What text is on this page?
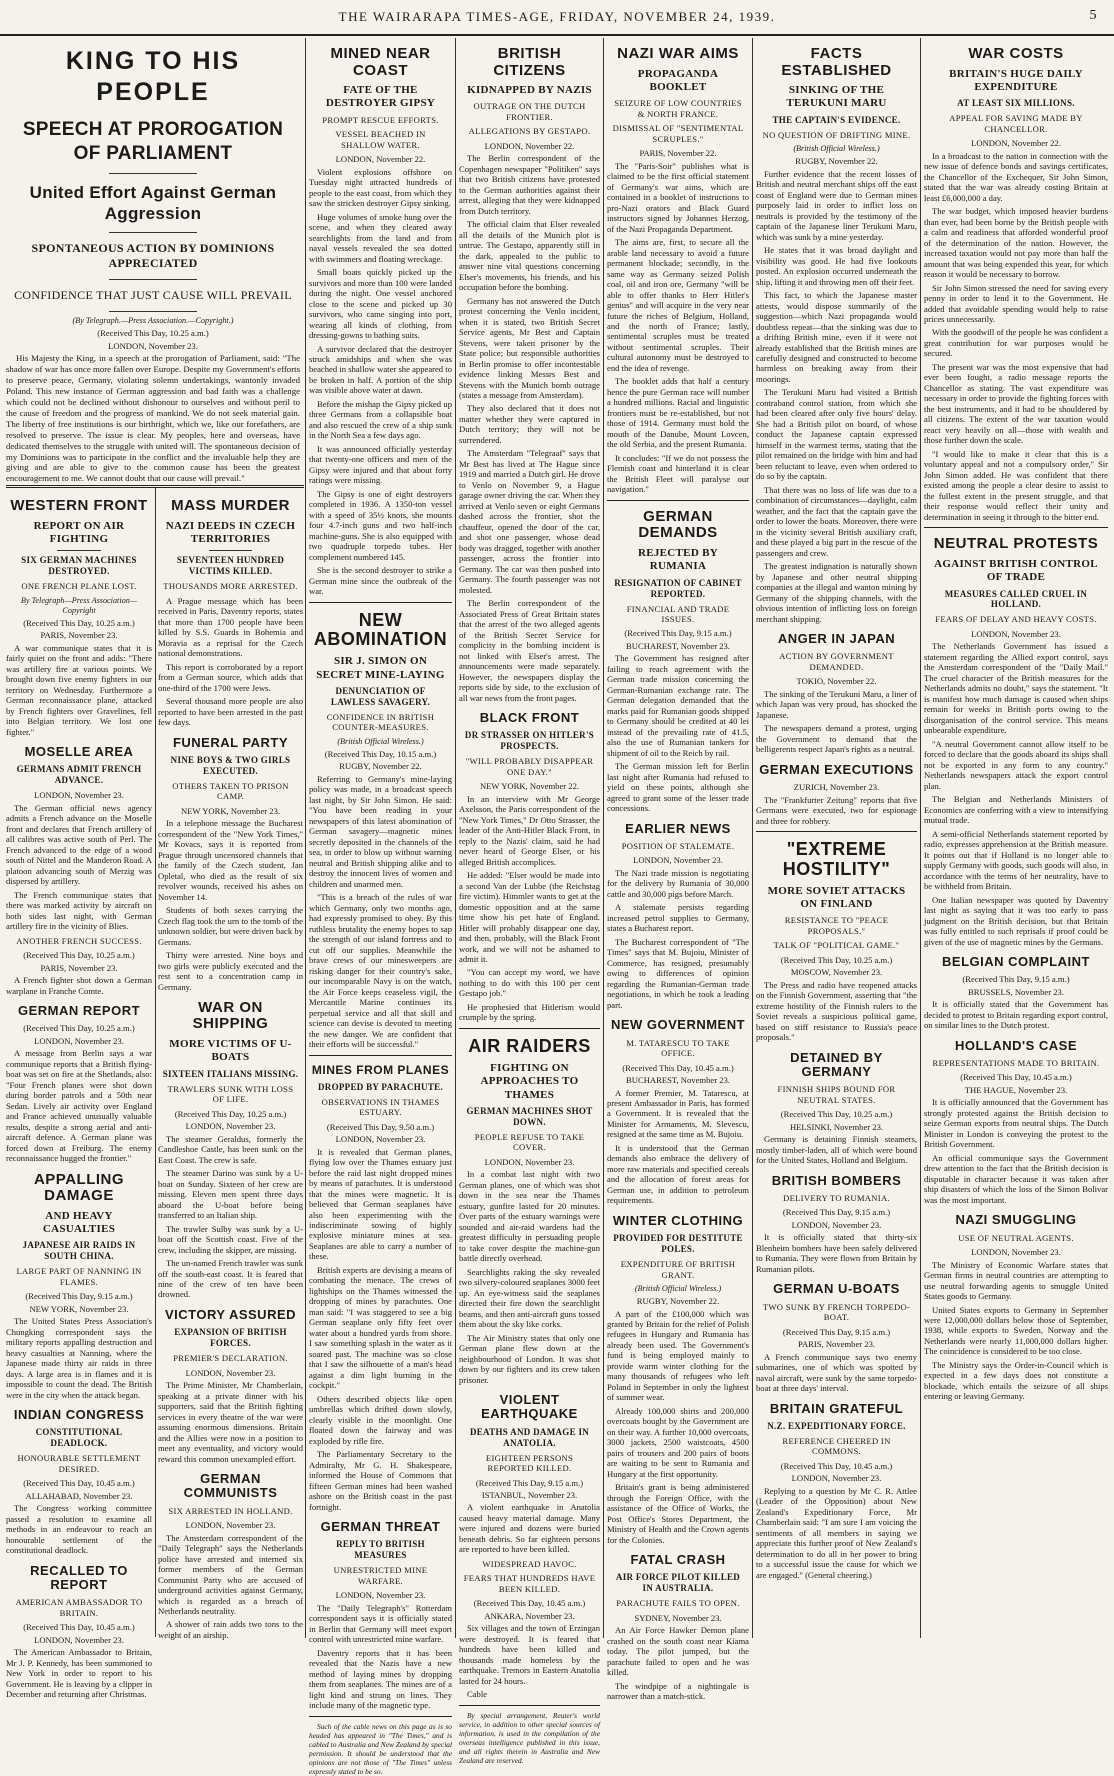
THE WAIRARAPA TIMES-AGE, FRIDAY, NOVEMBER 24, 1939.	5
KING TO HIS PEOPLE
SPEECH AT PROROGATION OF PARLIAMENT
United Effort Against German Aggression
SPONTANEOUS ACTION BY DOMINIONS APPRECIATED
CONFIDENCE THAT JUST CAUSE WILL PREVAIL
(By Telegraph.—Press Association.—Copyright.)
(Received This Day, 10.25 a.m.)
LONDON, November 23.

His Majesty the King, in a speech at the prorogation of Parliament, said: "The shadow of war has once more fallen over Europe. Despite my Government's efforts to preserve peace, Germany, violating solemn undertakings, wantonly invaded Poland. This new instance of German aggression and bad faith was a challenge which could not be declined without dishonour to ourselves and without peril to the cause of freedom and the progress of mankind. We do not seek material gain. The liberty of free institutions is our birthright, which we, like our forefathers, are resolved to preserve. The issue is clear. My peoples, here and overseas, have dedicated themselves to the struggle with united will. The spontaneous decision of my Dominions was to participate in the conflict and the invaluable help they are giving and are able to give to the common cause has been the greatest encouragement to me. We cannot doubt that our cause will prevail."

WESTERN FRONT
REPORT ON AIR FIGHTING
SIX GERMAN MACHINES DESTROYED.
ONE FRENCH PLANE LOST.
By Telegraph—Press Association—Copyright
(Received This Day, 10.25 a.m.)
PARIS, November 23.

A war communique states that it is fairly quiet on the front and adds: "There was artillery fire at various points. We brought down five enemy fighters in our territory on Wednesday. Furthermore a German reconnaissance plane, attacked by French fighters over Gravelines, fell into Belgian territory. We lost one fighter."

MOSELLE AREA
GERMANS ADMIT FRENCH ADVANCE.
LONDON, November 23.

The German official news agency admits a French advance on the Moselle front and declares that French artillery of all calibres was active south of Perl. The French advanced to the edge of a wood south of Nittel and the Manderon Road. A platoon advancing south of Merzig was dispersed by artillery.

The French communique states that there was marked activity by aircraft on both sides last night, with German artillery fire in the vicinity of Blies.

ANOTHER FRENCH SUCCESS.
(Received This Day, 10.25 a.m.)
PARIS, November 23.

A French fighter shot down a German warplane in Franche Comte.

GERMAN REPORT
(Received This Day, 10.25 a.m.)
LONDON, November 23.

A message from Berlin says a war communique reports that a British flying-boat was set on fire at the Shetlands, also: "Four French planes were shot down during border patrols and a 50th near Sedan. Lively air activity over England and France achieved unusually valuable results, despite a strong aerial and anti-aircraft defence. A German plane was forced down at Freiburg. The enemy reconnaissance hugged the frontier."

APPALLING DAMAGE
AND HEAVY CASUALTIES
JAPANESE AIR RAIDS IN SOUTH CHINA.
LARGE PART OF NANNING IN FLAMES.
(Received This Day, 9.15 a.m.)
NEW YORK, November 23.

The United States Press Association's Chungking correspondent says the military reports appalling destruction and heavy casualties at Nanning, where the Japanese made thirty air raids in three days. A large area is in flames and it is impossible to count the dead. The British were in the city when the attack began.

INDIAN CONGRESS
CONSTITUTIONAL DEADLOCK.
HONOURABLE SETTLEMENT DESIRED.
(Received This Day, 10.45 a.m.)
ALLAHABAD, November 23.

The Congress working committee passed a resolution to examine all methods in an endeavour to reach an honourable settlement of the constitutional deadlock.

RECALLED TO REPORT
AMERICAN AMBASSADOR TO BRITAIN.
(Received This Day, 10.45 a.m.)
LONDON, November 23.

The American Ambassador to Britain, Mr J. P. Kennedy, has been summoned to New York in order to report to his Government. He is leaving by a clipper in December and returning after Christmas.

MASS MURDER
NAZI DEEDS IN CZECH TERRITORIES
SEVENTEEN HUNDRED VICTIMS KILLED.
THOUSANDS MORE ARRESTED.

A Prague message which has been received in Paris, Daventry reports, states that more than 1700 people have been killed by S.S. Guards in Bohemia and Moravia as a reprisal for the Czech national demonstrations.

This report is corroborated by a report from a German source, which adds that one-third of the 1700 were Jews.

Several thousand more people are also reported to have been arrested in the past few days.

FUNERAL PARTY
NINE BOYS & TWO GIRLS EXECUTED.
OTHERS TAKEN TO PRISON CAMP.
NEW YORK, November 23.

In a telephone message the Bucharest correspondent of the "New York Times," Mr Kovacs, says it is reported from Prague through uncensored channels that the family of the Czech student, Jan Opletal, who died as the result of six revolver wounds, received his ashes on November 14.

Students of both sexes carrying the Czech flag took the urn to the tomb of the unknown soldier, but were driven back by Germans.

Thirty were arrested. Nine boys and two girls were publicly executed and the rest sent to a concentration camp in Germany.

WAR ON SHIPPING
MORE VICTIMS OF U-BOATS
SIXTEEN ITALIANS MISSING.
TRAWLERS SUNK WITH LOSS OF LIFE.
(Received This Day, 10.25 a.m.)
LONDON, November 23.

The steamer Geraldus, formerly the Candleshoe Castle, has been sunk on the East Coast. The crew is safe.

The steamer Darino was sunk by a U-boat on Sunday. Sixteen of her crew are missing. Eleven men spent three days aboard the U-boat before being transferred to an Italian ship.

The trawler Sulby was sunk by a U-boat off the Scottish coast. Five of the crew, including the skipper, are missing.

The un-named French trawler was sunk off the south-east coast. It is feared that nine of the crew of ten have been drowned.

VICTORY ASSURED
EXPANSION OF BRITISH FORCES.
PREMIER'S DECLARATION.
LONDON, November 23.

The Prime Minister, Mr Chamberlain, speaking at a private dinner with his supporters, said that the British fighting services in every theatre of the war were assuming enormous dimensions. Britain and the Allies were now in a position to meet any eventuality, and victory would reward this common unexampled effort.

GERMAN COMMUNISTS
SIX ARRESTED IN HOLLAND.
LONDON, November 23.

The Amsterdam correspondent of the "Daily Telegraph" says the Netherlands police have arrested and interned six former members of the German Communist Party who are accused of underground activities against Germany, which is regarded as a breach of Netherlands neutrality.

A shower of rain adds two tons to the weight of an airship.

MINED NEAR COAST
FATE OF THE DESTROYER GIPSY
PROMPT RESCUE EFFORTS.
VESSEL BEACHED IN SHALLOW WATER.
LONDON, November 22.

Violent explosions offshore on Tuesday night attracted hundreds of people to the east coast, from which they saw the stricken destroyer Gipsy sinking.

Huge volumes of smoke hung over the scene, and when they cleared away searchlights from the land and from naval vessels revealed the sea dotted with swimmers and floating wreckage.

Small boats quickly picked up the survivors and more than 100 were landed during the night. One vessel anchored close to the scene and picked up 30 survivors, who came singing into port, wearing all kinds of clothing, from dressing-gowns to bathing suits.

A survivor declared that the destroyer struck amidships and when she was beached in shallow water she appeared to be broken in half. A portion of the ship was visible above water at dawn.

Before the mishap the Gipsy picked up three Germans from a collapsible boat and also rescued the crew of a ship sunk in the North Sea a few days ago.

It was announced officially yesterday that twenty-one officers and men of the Gipsy were injured and that about forty ratings were missing.

The Gipsy is one of eight destroyers completed in 1936. A 1350-ton vessel with a speed of 35½ knots, she mounts four 4.7-inch guns and two half-inch machine-guns. She is also equipped with two quadruple torpedo tubes. Her complement numbered 145.

She is the second destroyer to strike a German mine since the outbreak of the war.

NEW ABOMINATION
SIR J. SIMON ON SECRET MINE-LAYING
DENUNCIATION OF LAWLESS SAVAGERY.
CONFIDENCE IN BRITISH COUNTER-MEASURES.
(British Official Wireless.)
(Received This Day, 10.15 a.m.)
RUGBY, November 22.

Referring to Germany's mine-laying policy was made, in a broadcast speech last night, by Sir John Simon. He said: "You have been reading in your newspapers of this latest abomination of German savagery—magnetic mines secretly deposited in the channels of the sea, in order to blow up without warning neutral and British shipping alike and to destroy the innocent lives of women and children and unarmed men.

"This is a breach of the rules of war which Germany, only two months ago, had expressly promised to obey. By this ruthless brutality the enemy hopes to sap the strength of our island fortress and to cut off our supplies. Meanwhile the brave crews of our minesweepers are risking danger for their country's sake, our incomparable Navy is on the watch, the Air Force keeps ceaseless vigil, the Mercantile Marine continues its perpetual service and all that skill and science can devise is devoted to meeting the new danger. We are confident that their efforts will be successful."

MINES FROM PLANES
DROPPED BY PARACHUTE.
OBSERVATIONS IN THAMES ESTUARY.
(Received This Day, 9.50 a.m.)
LONDON, November 23.

It is revealed that German planes, flying low over the Thames estuary just before the raid last night dropped mines by means of parachutes. It is understood that the mines were magnetic. It is believed that German seaplanes have also been experimenting with the indiscriminate sowing of highly explosive miniature mines at sea. Seaplanes are able to carry a number of these.

British experts are devising a means of combating the menace. The crews of lightships on the Thames witnessed the dropping of mines by parachutes. One man said: "I was staggered to see a big German seaplane only fifty feet over water about a hundred yards from shore. I saw something splash in the water as it soared past. The machine was so close that I saw the silhouette of a man's head against a dim light burning in the cockpit."

Others described objects like open umbrellas which drifted down slowly, clearly visible in the moonlight. One floated down the fairway and was exploded by rifle fire.

The Parliamentary Secretary to the Admiralty, Mr G. H. Shakespeare, informed the House of Commons that fifteen German mines had been washed ashore on the British coast in the past fortnight.

GERMAN THREAT
REPLY TO BRITISH MEASURES
UNRESTRICTED MINE WARFARE.
LONDON, November 23.

The "Daily Telegraph's" Rotterdam correspondent says it is officially stated in Berlin that Germany will meet export control with unrestricted mine warfare.

Daventry reports that it has been revealed that the Nazis have a new method of laying mines by dropping them from seaplanes. The mines are of a light kind and strung on lines. They include many of the magnetic type.

Such of the cable news on this page as is so headed has appeared in "The Times," and is cabled to Australia and New Zealand by special permission. It should be understood that the opinions are not those of "The Times" unless expressly stated to be so.

BRITISH CITIZENS
KIDNAPPED BY NAZIS
OUTRAGE ON THE DUTCH FRONTIER.
ALLEGATIONS BY GESTAPO.
LONDON, November 22.

The Berlin correspondent of the Copenhagen newspaper "Politiken" says that two British citizens have protested to the German authorities against their arrest, alleging that they were kidnapped from Dutch territory.

The official claim that Elser revealed all the details of the Munich plot is untrue. The Gestapo, apparently still in the dark, appealed to the public to answer nine vital questions concerning Elser's movements, his friends, and his occupation before the bombing.

Germany has not answered the Dutch protest concerning the Venlo incident, when it is stated, two British Secret Service agents, Mr Best and Captain Stevens, were taken prisoner by the State police; but responsible authorities in Berlin promise to offer incontestable evidence linking Messrs Best and Stevens with the Munich bomb outrage (states a message from Amsterdam).

They also declared that it does not matter whether they were captured in Dutch territory; they will not be surrendered.

The Amsterdam "Telegraaf" says that Mr Best has lived at The Hague since 1919 and married a Dutch girl. He drove to Venlo on November 9, a Hague garage owner driving the car. When they arrived at Venlo seven or eight Germans dashed across the frontier, shot the chauffeur, opened the door of the car, and shot one passenger, whose dead body was dragged, together with another passenger, across the frontier into Germany. The car was then pushed into Germany. The fourth passenger was not molested.

The Berlin correspondent of the Associated Press of Great Britain states that the arrest of the two alleged agents of the British Secret Service for complicity in the bombing incident is not linked with Elser's arrest. The announcements were made separately. However, the newspapers display the reports side by side, to the exclusion of all war news from the front pages.

BLACK FRONT
DR STRASSER ON HITLER'S PROSPECTS.
"WILL PROBABLY DISAPPEAR ONE DAY."
NEW YORK, November 22.

In an interview with Mr George Axelsson, the Paris correspondent of the "New York Times," Dr Otto Strasser, the leader of the Anti-Hitler Black Front, in reply to the Nazis' claim, said he had never heard of George Elser, or his alleged British accomplices.

He added: "Elser would be made into a second Van der Lubbe (the Reichstag fire victim). Himmler wants to get at the domestic opposition and at the same time show his pet hate of England. Hitler will probably disappear one day, and then, probably, will the Black Front work, and we will not be ashamed to admit it.

"You can accept my word, we have nothing to do with this 100 per cent Gestapo job."

He prophesied that Hitlerism would crumple by the spring.

AIR RAIDERS
FIGHTING ON APPROACHES TO THAMES
GERMAN MACHINES SHOT DOWN.
PEOPLE REFUSE TO TAKE COVER.
LONDON, November 23.

In a combat last night with two German planes, one of which was shot down in the sea near the Thames estuary, gunfire lasted for 20 minutes. Over parts of the estuary warnings were sounded and air-raid wardens had the greatest difficulty in persuading people to take cover despite the machine-gun battle directly overhead.

Searchlights raking the sky revealed two silvery-coloured seaplanes 3000 feet up. An eye-witness said the seaplanes directed their fire down the searchlight beams, and then anti-aircraft guns tossed them about the sky like corks.

The Air Ministry states that only one German plane flew down at the neighbourhood of London. It was shot down by our fighters and its crew taken prisoner.

VIOLENT EARTHQUAKE
DEATHS AND DAMAGE IN ANATOLIA.
EIGHTEEN PERSONS REPORTED KILLED.
(Received This Day, 9.15 a.m.)
ISTANBUL, November 23.

A violent earthquake in Anatolia caused heavy material damage. Many were injured and dozens were buried beneath debris. So far eighteen persons are reported to have been killed.

WIDESPREAD HAVOC.
FEARS THAT HUNDREDS HAVE BEEN KILLED.
(Received This Day, 10.45 a.m.)
ANKARA, November 23.

Six villages and the town of Erzingan were destroyed. It is feared that hundreds have been killed and thousands made homeless by the earthquake. Tremors in Eastern Anatolia lasted for 24 hours.

Cable

By special arrangement, Reuter's world service, in addition to other special sources of information, is used in the compilation of the overseas intelligence published in this issue, and all rights therein in Australia and New Zealand are reserved.

NAZI WAR AIMS
PROPAGANDA BOOKLET
SEIZURE OF LOW COUNTRIES & NORTH FRANCE.
DISMISSAL OF "SENTIMENTAL SCRUPLES."
PARIS, November 22.

The "Paris-Soir" publishes what is claimed to be the first official statement of Germany's war aims, which are contained in a booklet of instructions to pro-Nazi orators and Black Guard instructors signed by Johannes Herzog, of the Nazi Propaganda Department.

The aims are, first, to secure all the arable land necessary to avoid a future permanent blockade; secondly, in the same way as Germany seized Polish coal, oil and iron ore, Germany "will be able to offer thanks to Herr Hitler's genius" and will acquire in the very near future the riches of Belgium, Holland, and the north of France; lastly, sentimental scruples must be treated without sentimental scruples. Their cultural autonomy must be destroyed to end the idea of revenge.

The booklet adds that half a century hence the pure German race will number a hundred millions. Racial and linguistic frontiers must be re-established, but not those of 1914. Germany must hold the mouth of the Danube, Mount Lovcen, the old Serbia, and the present Rumania.

It concludes: "If we do not possess the Flemish coast and hinterland it is clear the British Fleet will paralyse our navigation."

GERMAN DEMANDS
REJECTED BY RUMANIA
RESIGNATION OF CABINET REPORTED.
FINANCIAL AND TRADE ISSUES.
(Received This Day, 9.15 a.m.)
BUCHAREST, November 23.

The Government has resigned after failing to reach agreement with the German trade mission concerning the German-Rumanian exchange rate. The German delegation demanded that the marks paid for Rumanian goods shipped to Germany should be credited at 40 lei instead of the prevailing rate of 41.5, also the use of Rumanian tankers for shipment of oil to the Reich by rail.

The German mission left for Berlin last night after Rumania had refused to yield on these points, although she agreed to grant some of the lesser trade concessions.

EARLIER NEWS
POSITION OF STALEMATE.
LONDON, November 23.

The Nazi trade mission is negotiating for the delivery by Rumania of 30,000 cattle and 30,000 pigs before March.

A stalemate persists regarding increased petrol supplies to Germany, states a Bucharest report.

The Bucharest correspondent of "The Times" says that M. Bujoiu, Minister of Commerce, has resigned, presumably owing to differences of opinion regarding the Rumanian-German trade negotiations, in which he took a leading part.

NEW GOVERNMENT
M. TATARESCU TO TAKE OFFICE.
(Received This Day, 10.45 a.m.)
BUCHAREST, November 23.

A former Premier, M. Tatarescu, at present Ambassador in Paris, has formed a Government. It is revealed that the Minister for Armaments, M. Slevescu, resigned at the same time as M. Bujoiu.

It is understood that the German demands also embrace the delivery of more raw materials and specified cereals and the allocation of forest areas for German use, in addition to petroleum requirements.

WINTER CLOTHING
PROVIDED FOR DESTITUTE POLES.
EXPENDITURE OF BRITISH GRANT.
(British Official Wireless.)
RUGBY, November 22.

A part of the £100,000 which was granted by Britain for the relief of Polish refugees in Hungary and Rumania has already been used. The Government's fund is being employed mainly to provide warm winter clothing for the many thousands of refugees who left Poland in September in only the lightest of summer wear.

Already 100,000 shirts and 200,000 overcoats bought by the Government are on their way. A further 10,000 overcoats, 3000 jackets, 2500 waistcoats, 4500 pairs of trousers and 200 pairs of boots are waiting to be sent to Rumania and Hungary at the first opportunity.

Britain's grant is being administered through the Foreign Office, with the assistance of the Office of Works, the Post Office's Stores Department, the Ministry of Health and the Crown agents for the Colonies.

FATAL CRASH
AIR FORCE PILOT KILLED IN AUSTRALIA.
PARACHUTE FAILS TO OPEN.
SYDNEY, November 23.

An Air Force Hawker Demon plane crashed on the south coast near Kiama today. The pilot jumped, but the parachute failed to open and he was killed.

The windpipe of a nightingale is narrower than a match-stick.

FACTS ESTABLISHED
SINKING OF THE TERUKUNI MARU
THE CAPTAIN'S EVIDENCE.
NO QUESTION OF DRIFTING MINE.
(British Official Wireless.)
RUGBY, November 22.

Further evidence that the recent losses of British and neutral merchant ships off the east coast of England were due to German mines purposely laid in order to inflict loss on neutrals is provided by the testimony of the captain of the Japanese liner Terukuni Maru, which was sunk by a mine yesterday.

He states that it was broad daylight and visibility was good. He had five lookouts posted. An explosion occurred underneath the ship, lifting it and throwing men off their feet.

This fact, to which the Japanese master attests, would dispose summarily of the suggestion—which Nazi propaganda would doubtless repeat—that the sinking was due to a drifting British mine, even if it were not already established that the British mines are carefully designed and constructed to become harmless on breaking away from their moorings.

The Terukuni Maru had visited a British contraband control station, from which she had been cleared after only five hours' delay. She had a British pilot on board, of whose conduct the Japanese captain expressed himself in the warmest terms, stating that the pilot remained on the bridge with him and had been reluctant to leave, even when ordered to do so by the captain.

That there was no loss of life was due to a combination of circumstances—daylight, calm weather, and the fact that the captain gave the order to lower the boats. Moreover, there were in the vicinity several British auxiliary craft, and these played a big part in the rescue of the passengers and crew.

The greatest indignation is naturally shown by Japanese and other neutral shipping companies at the illegal and wanton mining by Germany of the shipping channels, with the obvious intention of inflicting loss on foreign merchant shipping.

ANGER IN JAPAN
ACTION BY GOVERNMENT DEMANDED.
TOKIO, November 22.

The sinking of the Terukuni Maru, a liner of which Japan was very proud, has shocked the Japanese.

The newspapers demand a protest, urging the Government to demand that the belligerents respect Japan's rights as a neutral.

GERMAN EXECUTIONS
ZURICH, November 23.

The "Frankfurter Zeitung" reports that five Germans were executed, two for espionage and three for robbery.

"EXTREME HOSTILITY"
MORE SOVIET ATTACKS ON FINLAND
RESISTANCE TO "PEACE PROPOSALS."
TALK OF "POLITICAL GAME."
(Received This Day, 10.25 a.m.)
MOSCOW, November 23.

The Press and radio have reopened attacks on the Finnish Government, asserting that "the extreme hostility of the Finnish rulers to the Soviet reveals a suspicious political game, based on stiff resistance to Russia's peace proposals."

DETAINED BY GERMANY
FINNISH SHIPS BOUND FOR NEUTRAL STATES.
(Received This Day, 10.25 a.m.)
HELSINKI, November 23.

Germany is detaining Finnish steamers, mostly timber-laden, all of which were bound for the United States, Holland and Belgium.

BRITISH BOMBERS
DELIVERY TO RUMANIA.
(Received This Day, 9.15 a.m.)
LONDON, November 23.

It is officially stated that thirty-six Blenheim bombers have been safely delivered to Rumania. They were flown from Britain by Rumanian pilots.

GERMAN U-BOATS
TWO SUNK BY FRENCH TORPEDO-BOAT.
(Received This Day, 9.15 a.m.)
PARIS, November 23.

A French communique says two enemy submarines, one of which was spotted by naval aircraft, were sunk by the same torpedo-boat at three days' interval.

BRITAIN GRATEFUL
N.Z. EXPEDITIONARY FORCE.
REFERENCE CHEERED IN COMMONS.
(Received This Day, 10.45 a.m.)
LONDON, November 23.

Replying to a question by Mr C. R. Attlee (Leader of the Opposition) about New Zealand's Expeditionary Force, Mr Chamberlain said: "I am sure I am voicing the sentiments of all members in saying we appreciate this further proof of New Zealand's determination to do all in her power to bring to a successful issue the cause for which we are engaged." (General cheering.)

WAR COSTS
BRITAIN'S HUGE DAILY EXPENDITURE
AT LEAST SIX MILLIONS.
APPEAL FOR SAVING MADE BY CHANCELLOR.
LONDON, November 22.

In a broadcast to the nation in connection with the new issue of defence bonds and savings certificates, the Chancellor of the Exchequer, Sir John Simon, stated that the war was already costing Britain at least £6,000,000 a day.

The war budget, which imposed heavier burdens than ever, had been borne by the British people with a calm and readiness that afforded wonderful proof of the determination of the nation. However, the increased taxation would not pay more than half the amount that was being expended this year, for which reason it would be necessary to borrow.

Sir John Simon stressed the need for saving every penny in order to lend it to the Government. He added that avoidable spending would help to raise prices unnecessarily.

With the goodwill of the people he was confident a great contribution for war purposes would be secured.

The present war was the most expensive that had ever been fought, a radio message reports the Chancellor as stating. The vast expenditure was necessary in order to provide the fighting forces with the best instruments, and it had to be shouldered by all citizens. The extent of the war taxation would react very heavily on all—those with wealth and those further down the scale.

"I would like to make it clear that this is a voluntary appeal and not a compulsory order," Sir John Simon added. He was confident that there existed among the people a clear desire to assist to the fullest extent in the present struggle, and that their response would reflect their unity and determination in seeing it through to the bitter end.

NEUTRAL PROTESTS
AGAINST BRITISH CONTROL OF TRADE
MEASURES CALLED CRUEL IN HOLLAND.
FEARS OF DELAY AND HEAVY COSTS.
LONDON, November 23.

The Netherlands Government has issued a statement regarding the Allied export control, says the Amsterdam correspondent of the "Daily Mail." The cruel character of the British measures for the Netherlands admits no doubt," says the statement. "It is manifest how much damage is caused when ships remain for weeks in British ports owing to the disorganisation of the control service. This means unbearable expenditure.

"A neutral Government cannot allow itself to be forced to declare that the goods aboard its ships shall not be exported in any form to any country." Netherlands newspapers attack the export control plan.

The Belgian and Netherlands Ministers of Economics are conferring with a view to intensifying mutual trade.

A semi-official Netherlands statement reported by radio, expresses apprehension at the British measure. It points out that if Holland is no longer able to supply Germany with goods, such goods will also, in accordance with the terms of her neutrality, have to be withheld from Britain.

One Italian newspaper was quoted by Daventry last night as saying that it was too early to pass judgment on the British decision, but that Britain was fully entitled to such reprisals if proof could be given of the use of magnetic mines by the Germans.

BELGIAN COMPLAINT
(Received This Day, 9.15 a.m.)
BRUSSELS, November 23.

It is officially stated that the Government has decided to protest to Britain regarding export control, on similar lines to the Dutch protest.

HOLLAND'S CASE
REPRESENTATIONS MADE TO BRITAIN.
(Received This Day, 10.45 a.m.)
THE HAGUE, November 23.

It is officially announced that the Government has strongly protested against the British decision to seize German exports from neutral ships. The Dutch Minister in London is conveying the protest to the British Government.

An official communique says the Government drew attention to the fact that the British decision is disputable in character because it was taken after ship disasters of which the loss of the Simon Bolivar was the most important.

NAZI SMUGGLING
USE OF NEUTRAL AGENTS.
LONDON, November 23.

The Ministry of Economic Warfare states that German firms in neutral countries are attempting to use neutral forwarding agents to smuggle United States goods to Germany.

United States exports to Germany in September were 12,000,000 dollars below those of September, 1938, while exports to Sweden, Norway and the Netherlands were nearly 11,000,000 dollars higher. The coincidence is considered to be too close.

The Ministry says the Order-in-Council which is expected in a few days does not constitute a blockade, which entails the seizure of all ships entering or leaving Germany.
